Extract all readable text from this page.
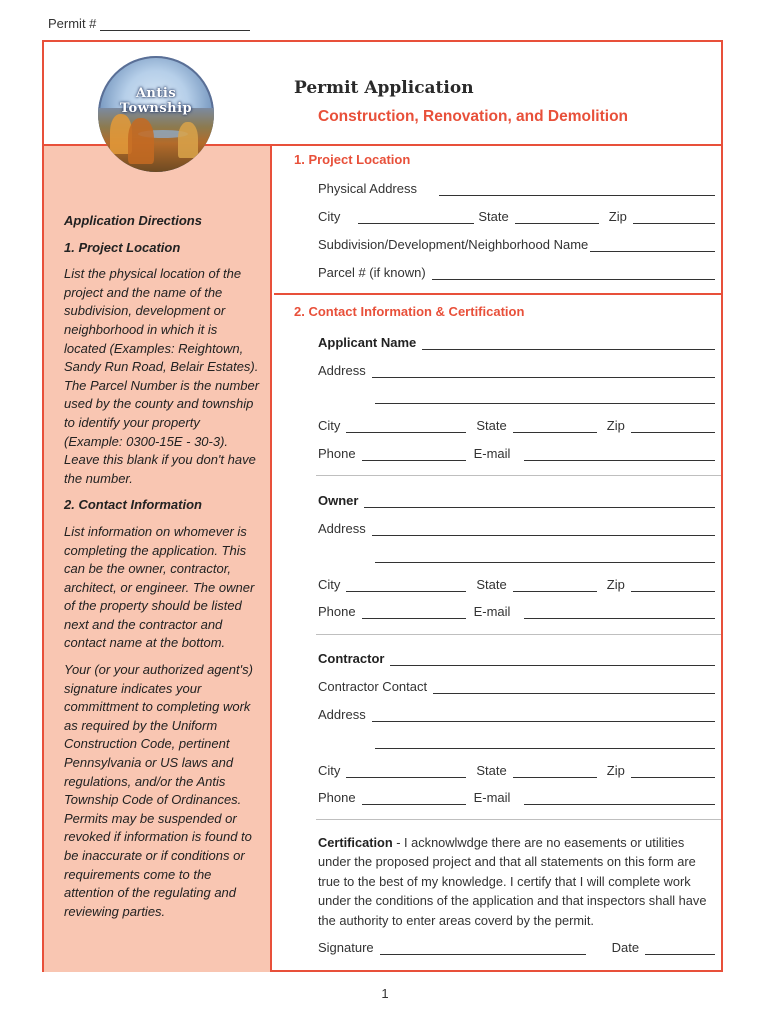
Permit #
Permit Application
Construction, Renovation, and Demolition
Antis Township
Application Directions
1. Project Location

List the physical location of the project and the name of the subdivision, development or neighborhood in which it is located (Examples: Reightown, Sandy Run Road, Belair Estates). The Parcel Number is the number used by the county and township to identify your property (Example: 0300-15E - 30-3). Leave this blank if you don't have the number.

2. Contact Information

List information on whomever is completing the application. This can be the owner, contractor, architect, or engineer. The owner of the property should be listed next and the contractor and contact name at the bottom.

Your (or your authorized agent's) signature indicates your committment to completing work as required by the Uniform Construction Code, pertinent Pennsylvania or US laws and regulations, and/or the Antis Township Code of Ordinances. Permits may be suspended or revoked if information is found to be inaccurate or if conditions or requirements come to the attention of the regulating and reviewing parties.

1. Project Location
Physical Address
City	State	Zip
Subdivision/Development/Neighborhood Name
Parcel # (if known)
2. Contact Information & Certification
Applicant Name
Address
City	State	Zip
Phone	E-mail
Owner
Address
City	State	Zip
Phone	E-mail
Contractor
Contractor Contact
Address
City	State	Zip
Phone	E-mail
Certification - I acknowlwdge there are no easements or utilities under the proposed project and that all statements on this form are true to the best of my knowledge. I certify that I will complete work under the conditions of the application and that inspectors shall have the authority to enter areas coverd by the permit.
Signature	Date
1
